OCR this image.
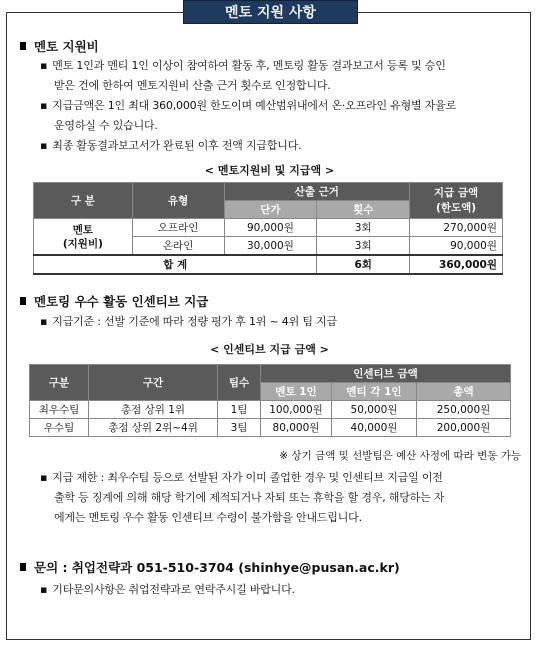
멘토 지원 사항
멘토 지원비
▪ 멘토 1인과 멘티 1인 이상이 참여하여 활동 후, 멘토링 활동 결과보고서 등록 및 승인
받은 건에 한하여 멘토지원비 산출 근거 횟수로 인정합니다.
▪ 지급금액은 1인 최대 360,000원 한도이며 예산범위내에서 온·오프라인 유형별 자율로
운영하실 수 있습니다.
▪ 최종 활동결과보고서가 완료된 이후 전액 지급합니다.
< 멘토지원비 및 지급액 >
구 분	유형	산출 근거		지급 금액
(한도액)

		단가	횟수	

멘토
(지원비)	오프라인	90,000원	3회	270,000원
	온라인	30,000원	3회	90,000원
합 계			6회	360,000원
멘토링 우수 활동 인센티브 지급
▪ 지급기준 : 선발 기준에 따라 정량 평가 후 1위 ~ 4위 팀 지급
< 인센티브 지급 금액 >
구분	구간	팀수	인센티브 금액		
			멘토 1인	멘티 각 1인	총액
최우수팀	총점 상위 1위	1팀	100,000원	50,000원	250,000원
우수팀	총점 상위 2위~4위	3팀	80,000원	40,000원	200,000원
※ 상기 금액 및 선발팀은 예산 사정에 따라 변동 가능
▪ 지급 제한 : 최우수팀 등으로 선발된 자가 이미 졸업한 경우 및 인센티브 지급일 이전
출학 등 징계에 의해 해당 학기에 제적되거나 자퇴 또는 휴학을 할 경우, 해당하는 자
에게는 멘토링 우수 활동 인센티브 수령이 불가함을 안내드립니다.
문의 : 취업전략과 051-510-3704 (shinhye@pusan.ac.kr)
▪ 기타문의사항은 취업전략과로 연락주시길 바랍니다.
